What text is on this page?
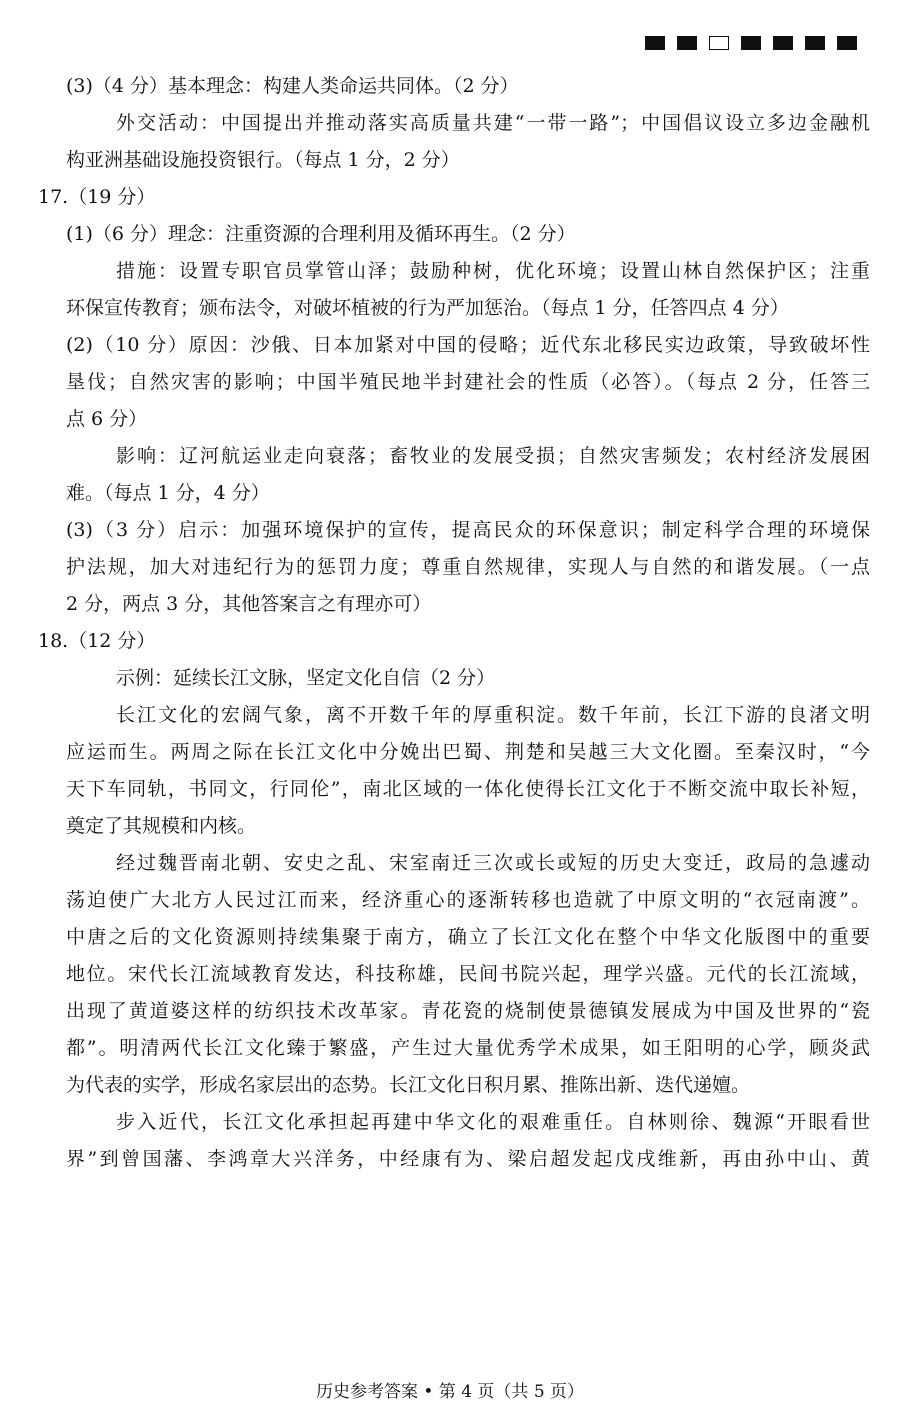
(3)（4 分）基本理念：构建人类命运共同体。（2 分）
外交活动：中国提出并推动落实高质量共建“一带一路”；中国倡议设立多边金融机
构亚洲基础设施投资银行。（每点 1 分，2 分）
17.（19 分）
(1)（6 分）理念：注重资源的合理利用及循环再生。（2 分）
措施：设置专职官员掌管山泽；鼓励种树，优化环境；设置山林自然保护区；注重
环保宣传教育；颁布法令，对破坏植被的行为严加惩治。（每点 1 分，任答四点 4 分）
(2)（10 分）原因：沙俄、日本加紧对中国的侵略；近代东北移民实边政策，导致破坏性
垦伐；自然灾害的影响；中国半殖民地半封建社会的性质（必答）。（每点 2 分，任答三
点 6 分）
影响：辽河航运业走向衰落；畜牧业的发展受损；自然灾害频发；农村经济发展困
难。（每点 1 分，4 分）
(3)（3 分）启示：加强环境保护的宣传，提高民众的环保意识；制定科学合理的环境保
护法规，加大对违纪行为的惩罚力度；尊重自然规律，实现人与自然的和谐发展。（一点
2 分，两点 3 分，其他答案言之有理亦可）
18.（12 分）
示例：延续长江文脉，坚定文化自信（2 分）
长江文化的宏阔气象，离不开数千年的厚重积淀。数千年前，长江下游的良渚文明
应运而生。两周之际在长江文化中分娩出巴蜀、荆楚和吴越三大文化圈。至秦汉时，“今
天下车同轨，书同文，行同伦”，南北区域的一体化使得长江文化于不断交流中取长补短，
奠定了其规模和内核。
经过魏晋南北朝、安史之乱、宋室南迁三次或长或短的历史大变迁，政局的急遽动
荡迫使广大北方人民过江而来，经济重心的逐渐转移也造就了中原文明的“衣冠南渡”。
中唐之后的文化资源则持续集聚于南方，确立了长江文化在整个中华文化版图中的重要
地位。宋代长江流域教育发达，科技称雄，民间书院兴起，理学兴盛。元代的长江流域，
出现了黄道婆这样的纺织技术改革家。青花瓷的烧制使景德镇发展成为中国及世界的“瓷
都”。明清两代长江文化臻于繁盛，产生过大量优秀学术成果，如王阳明的心学，顾炎武
为代表的实学，形成名家层出的态势。长江文化日积月累、推陈出新、迭代递嬗。
步入近代，长江文化承担起再建中华文化的艰难重任。自林则徐、魏源“开眼看世
界”到曾国藩、李鸿章大兴洋务，中经康有为、梁启超发起戊戌维新，再由孙中山、黄
历史参考答案 • 第 4 页（共 5 页）
